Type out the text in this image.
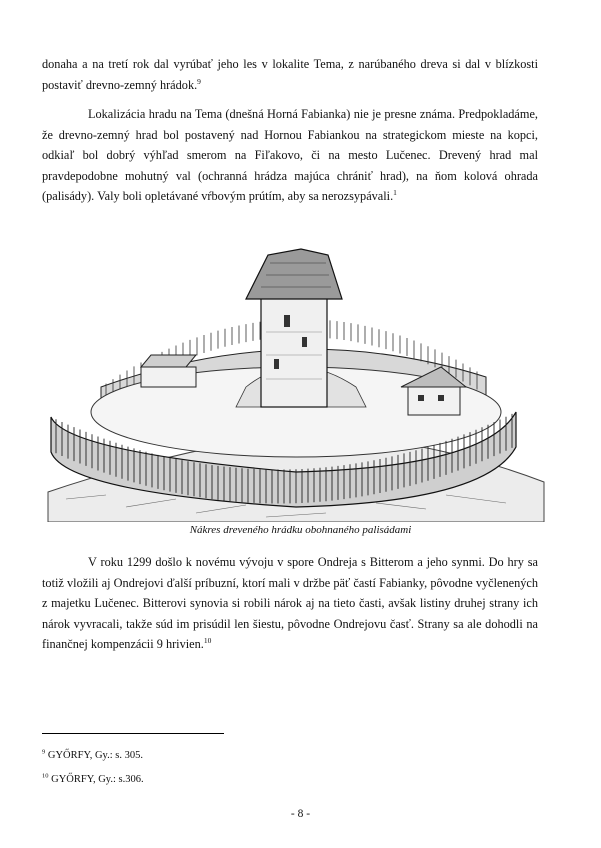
donaha a na tretí rok dal vyrúbať jeho les v lokalite Tema, z narúbaného dreva si dal v blízkosti postaviť drevno-zemný hrádok.$^9$

Lokalizácia hradu na Tema (dnešná Horná Fabianka) nie je presne známa. Predpokladáme, že drevno-zemný hrad bol postavený nad Hornou Fabiankou na strategickom mieste na kopci, odkiaľ bol dobrý výhľad smerom na Fiľakovo, či na mesto Lučenec. Drevený hrad mal pravdepodobne mohutný val (ochranná hrádza majúca chrániť hrad), na ňom kolová ohrada (palisády). Valy boli opletávané vŕbovým prútím, aby sa nerozsypávali.$^1$

Nákres dreveného hrádku obohnaného palisádami

V roku 1299 došlo k novému vývoju v spore Ondreja s Bitterom a jeho synmi. Do hry sa totiž vložili aj Ondrejovi ďalší príbuzní, ktorí mali v držbe päť častí Fabianky, pôvodne vyčlenených z majetku Lučenec. Bitterovi synovia si robili nárok aj na tieto časti, avšak listiny druhej strany ich nárok vyvracali, takže súd im prisúdil len šiestu, pôvodne Ondrejovu časť. Strany sa ale dohodli na finančnej kompenzácii 9 hrivien.$^{10}$

$^9$ GYŐRFY, Gy.: s. 305.
$^{10}$ GYŐRFY, Gy.: s.306.
- 8 -
